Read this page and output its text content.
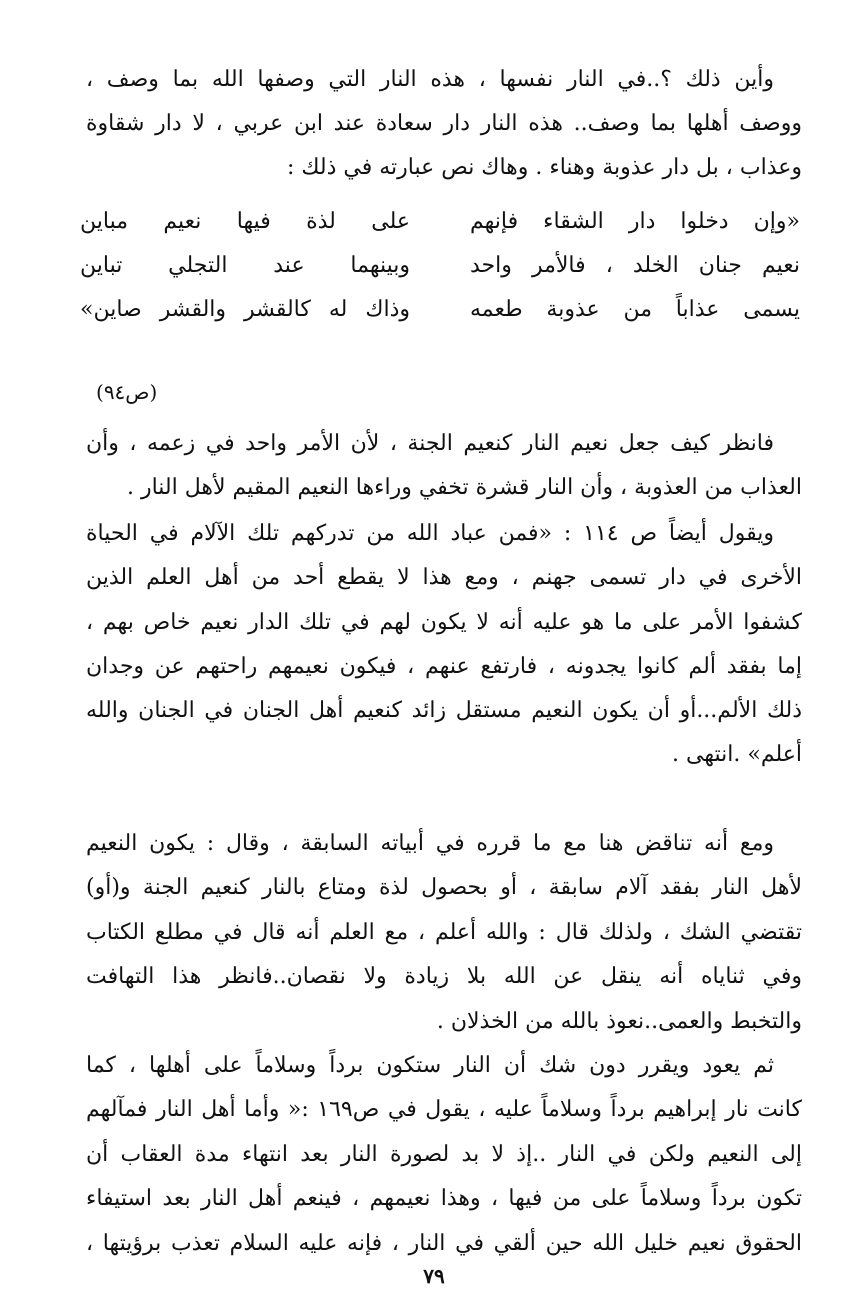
وأين ذلك ؟..في النار نفسها ، هذه النار التي وصفها الله بما وصف ،
ووصف أهلها بما وصف.. هذه النار دار سعادة عند ابن عربي ، لا دار شقاوة
وعذاب ، بل دار عذوبة وهناء . وهاك نص عبارته في ذلك :
«وإن دخلوا دار الشقاء فإنهم
على لذة فيها نعيم مباين
نعيم جنان الخلد ، فالأمر واحد
وبينهما عند التجلي تباين
يسمى عذاباً من عذوبة طعمه
وذاك له كالقشر والقشر صاين»
(ص٩٤)
فانظر كيف جعل نعيم النار كنعيم الجنة ، لأن الأمر واحد في زعمه ، وأن
العذاب من العذوبة ، وأن النار قشرة تخفي وراءها النعيم المقيم لأهل النار .
ويقول أيضاً ص ١١٤ : «فمن عباد الله من تدركهم تلك الآلام في الحياة
الأخرى في دار تسمى جهنم ، ومع هذا لا يقطع أحد من أهل العلم الذين
كشفوا الأمر على ما هو عليه أنه لا يكون لهم في تلك الدار نعيم خاص بهم ،
إما بفقد ألم كانوا يجدونه ، فارتفع عنهم ، فيكون نعيمهم راحتهم عن وجدان
ذلك الألم...أو أن يكون النعيم مستقل زائد كنعيم أهل الجنان في الجنان والله
أعلم» .انتهى .
ومع أنه تناقض هنا مع ما قرره في أبياته السابقة ، وقال : يكون النعيم
لأهل النار بفقد آلام سابقة ، أو بحصول لذة ومتاع بالنار كنعيم الجنة و(أو)
تقتضي الشك ، ولذلك قال : والله أعلم ، مع العلم أنه قال في مطلع الكتاب
وفي ثناياه أنه ينقل عن الله بلا زيادة ولا نقصان..فانظر هذا التهافت
والتخبط والعمى..نعوذ بالله من الخذلان .
ثم يعود ويقرر دون شك أن النار ستكون برداً وسلاماً على أهلها ، كما
كانت نار إبراهيم برداً وسلاماً عليه ، يقول في ص١٦٩ :« وأما أهل النار فمآلهم
إلى النعيم ولكن في النار ..إذ لا بد لصورة النار بعد انتهاء مدة العقاب أن
تكون برداً وسلاماً على من فيها ، وهذا نعيمهم ، فينعم أهل النار بعد استيفاء
الحقوق نعيم خليل الله حين ألقي في النار ، فإنه عليه السلام تعذب برؤيتها ،
٧٩
